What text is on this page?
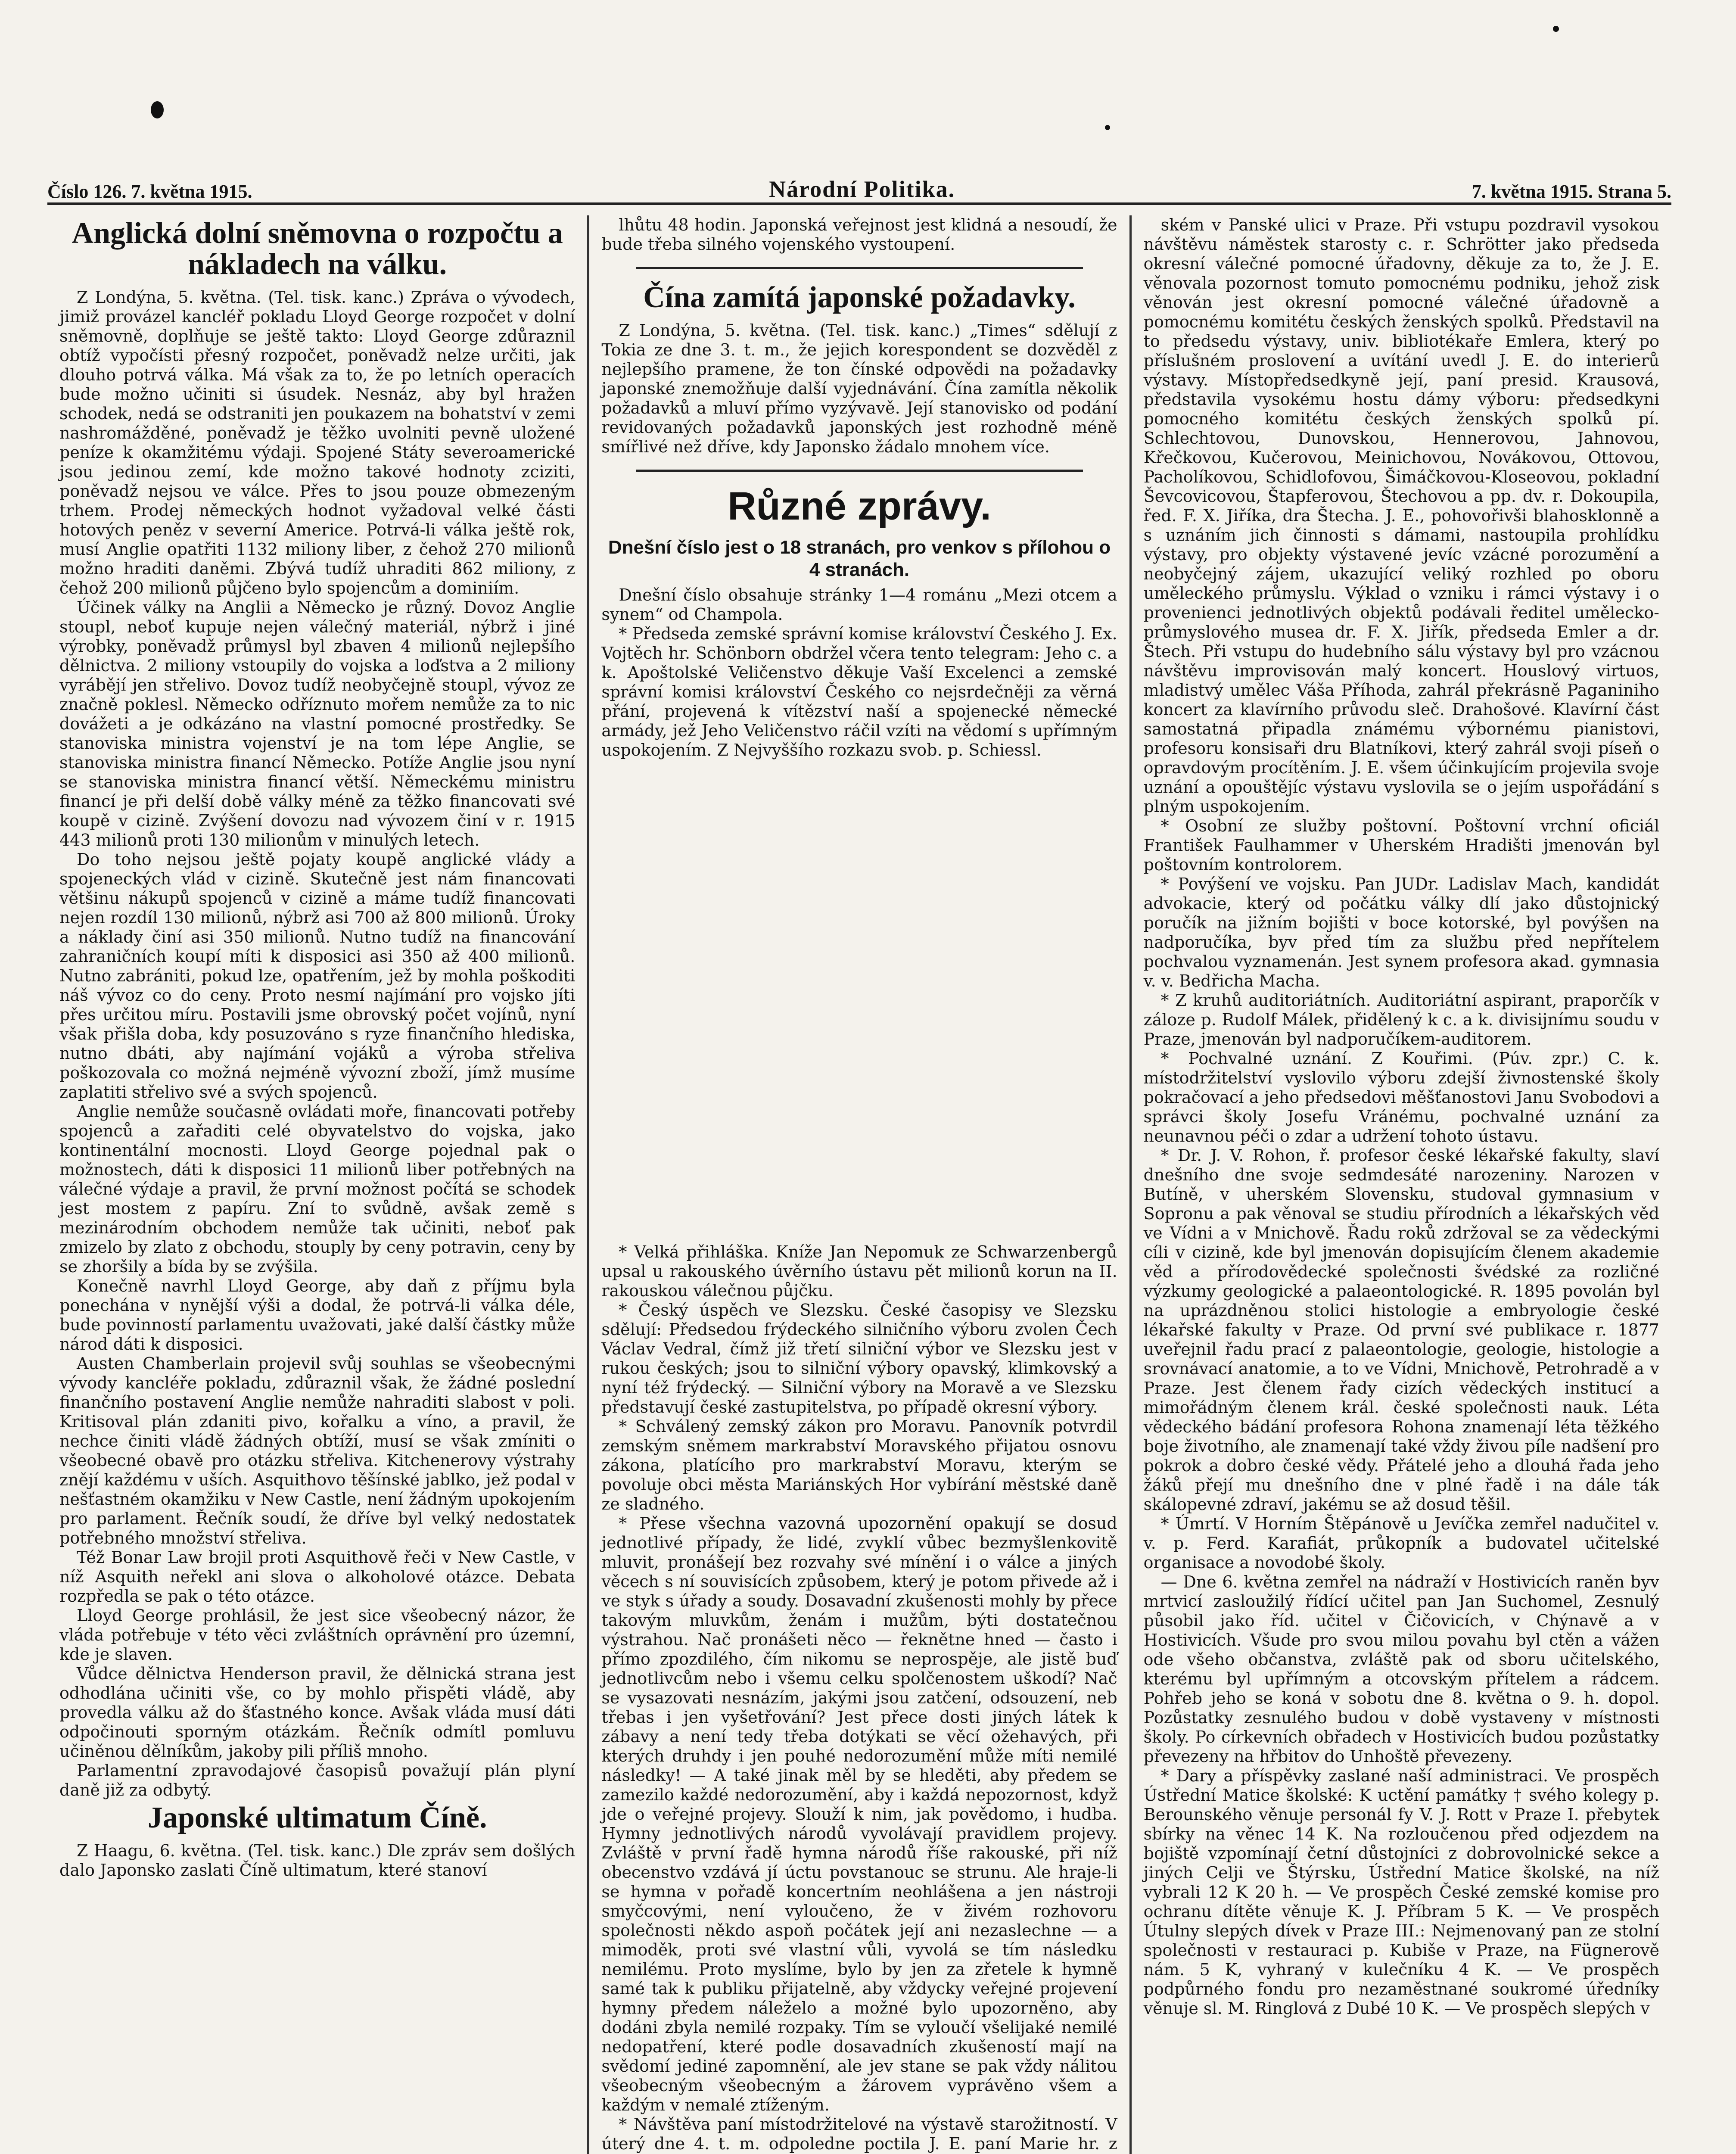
Číslo 126. 7. května 1915.	Národní Politika.	7. května 1915. Strana 5.
Anglická dolní sněmovna o rozpočtu a nákladech na válku.

Z Londýna, 5. května. (Tel. tisk. kanc.) Zpráva o vývodech, jimiž provázel kancléř pokladu Lloyd George rozpočet v dolní sněmovně, doplňuje se ještě takto: Lloyd George zdůraznil obtíž vypočísti přesný rozpočet, poněvadž nelze určiti, jak dlouho potrvá válka. Má však za to, že po letních operacích bude možno učiniti si úsudek. Nesnáz, aby byl hražen schodek, nedá se odstraniti jen poukazem na bohatství v zemi nashromážděné, poněvadž je těžko uvolniti pevně uložené peníze k okamžitému výdaji. Spojené Státy severoamerické jsou jedinou zemí, kde možno takové hodnoty zciziti, poněvadž nejsou ve válce. Přes to jsou pouze obmezeným trhem. Prodej německých hodnot vyžadoval velké části hotových peněz v severní Americe. Potrvá-li válka ještě rok, musí Anglie opatřiti 1132 miliony liber, z čehož 270 milionů možno hraditi daněmi. Zbývá tudíž uhraditi 862 miliony, z čehož 200 milionů půjčeno bylo spojencům a dominiím.

Účinek války na Anglii a Německo je různý. Dovoz Anglie stoupl, neboť kupuje nejen válečný materiál, nýbrž i jiné výrobky, poněvadž průmysl byl zbaven 4 milionů nejlepšího dělnictva. 2 miliony vstoupily do vojska a loďstva a 2 miliony vyrábějí jen střelivo. Dovoz tudíž neobyčejně stoupl, vývoz ze značně poklesl. Německo odříznuto mořem nemůže za to nic dovážeti a je odkázáno na vlastní pomocné prostředky. Se stanoviska ministra vojenství je na tom lépe Anglie, se stanoviska ministra financí Německo. Potíže Anglie jsou nyní se stanoviska ministra financí větší. Německému ministru financí je při delší době války méně za těžko financovati své koupě v cizině. Zvýšení dovozu nad vývozem činí v r. 1915 443 milionů proti 130 milionům v minulých letech.

Do toho nejsou ještě pojaty koupě anglické vlády a spojeneckých vlád v cizině. Skutečně jest nám financovati většinu nákupů spojenců v cizině a máme tudíž financovati nejen rozdíl 130 milionů, nýbrž asi 700 až 800 milionů. Úroky a náklady činí asi 350 milionů. Nutno tudíž na financování zahraničních koupí míti k disposici asi 350 až 400 milionů. Nutno zabrániti, pokud lze, opatřením, jež by mohla poškoditi náš vývoz co do ceny. Proto nesmí najímání pro vojsko jíti přes určitou míru. Postavili jsme obrovský počet vojínů, nyní však přišla doba, kdy posuzováno s ryze finančního hlediska, nutno dbáti, aby najímání vojáků a výroba střeliva poškozovala co možná nejméně vývozní zboží, jímž musíme zaplatiti střelivo své a svých spojenců.

Anglie nemůže současně ovládati moře, financovati potřeby spojenců a zařaditi celé obyvatelstvo do vojska, jako kontinentální mocnosti. Lloyd George pojednal pak o možnostech, dáti k disposici 11 milionů liber potřebných na válečné výdaje a pravil, že první možnost počítá se schodek jest mostem z papíru. Zní to svůdně, avšak země s mezinárodním obchodem nemůže tak učiniti, neboť pak zmizelo by zlato z obchodu, stouply by ceny potravin, ceny by se zhoršily a bída by se zvýšila.

Konečně navrhl Lloyd George, aby daň z příjmu byla ponechána v nynější výši a dodal, že potrvá-li válka déle, bude povinností parlamentu uvažovati, jaké další částky může národ dáti k disposici.

Austen Chamberlain projevil svůj souhlas se všeobecnými vývody kancléře pokladu, zdůraznil však, že žádné poslední finančního postavení Anglie nemůže nahraditi slabost v poli. Kritisoval plán zdaniti pivo, kořalku a víno, a pravil, že nechce činiti vládě žádných obtíží, musí se však zmíniti o všeobecné obavě pro otázku střeliva. Kitchenerovy výstrahy znějí každému v uších. Asquithovo těšínské jablko, jež podal v nešťastném okamžiku v New Castle, není žádným upokojením pro parlament. Řečník soudí, že dříve byl velký nedostatek potřebného množství střeliva.

Též Bonar Law brojil proti Asquithově řeči v New Castle, v níž Asquith neřekl ani slova o alkoholové otázce. Debata rozpředla se pak o této otázce.

Lloyd George prohlásil, že jest sice všeobecný názor, že vláda potřebuje v této věci zvláštních oprávnění pro územní, kde je slaven.

Vůdce dělnictva Henderson pravil, že dělnická strana jest odhodlána učiniti vše, co by mohlo přispěti vládě, aby provedla válku až do šťastného konce. Avšak vláda musí dáti odpočinouti sporným otázkám. Řečník odmítl pomluvu učiněnou dělníkům, jakoby pili příliš mnoho.

Parlamentní zpravodajové časopisů považují plán plyní daně již za odbytý.

Japonské ultimatum Číně.

Z Haagu, 6. května. (Tel. tisk. kanc.) Dle zpráv sem došlých dalo Japonsko zaslati Číně ultimatum, které stanoví

lhůtu 48 hodin. Japonská veřejnost jest klidná a nesoudí, že bude třeba silného vojenského vystoupení.

Čína zamítá japonské požadavky.

Z Londýna, 5. května. (Tel. tisk. kanc.) „Times“ sdělují z Tokia ze dne 3. t. m., že jejich korespondent se dozvěděl z nejlepšího pramene, že ton čínské odpovědi na požadavky japonské znemožňuje další vyjednávání. Čína zamítla několik požadavků a mluví přímo vyzývavě. Její stanovisko od podání revidovaných požadavků japonských jest rozhodně méně smířlivé než dříve, kdy Japonsko žádalo mnohem více.

Různé zprávy.
Dnešní číslo jest o 18 stranách, pro venkov s přílohou o 4 stranách.

Dnešní číslo obsahuje stránky 1—4 románu „Mezi otcem a synem“ od Champola.

* Předseda zemské správní komise království Českého J. Ex. Vojtěch hr. Schönborn obdržel včera tento telegram: Jeho c. a k. Apoštolské Veličenstvo děkuje Vaší Excelenci a zemské správní komisi království Českého co nejsrdečněji za věrná přání, projevená k vítězství naší a spojenecké německé armády, jež Jeho Veličenstvo ráčil vzíti na vědomí s upřímným uspokojením. Z Nejvyššího rozkazu svob. p. Schiessl.

* Velká přihláška. Kníže Jan Nepomuk ze Schwarzenbergů upsal u rakouského úvěrního ústavu pět milionů korun na II. rakouskou válečnou půjčku.

* Český úspěch ve Slezsku. České časopisy ve Slezsku sdělují: Předsedou frýdeckého silničního výboru zvolen Čech Václav Vedral, čímž již třetí silniční výbor ve Slezsku jest v rukou českých; jsou to silniční výbory opavský, klimkovský a nyní též frýdecký. — Silniční výbory na Moravě a ve Slezsku představují české zastupitelstva, po případě okresní výbory.

* Schválený zemský zákon pro Moravu. Panovník potvrdil zemským sněmem markrabství Moravského přijatou osnovu zákona, platícího pro markrabství Moravu, kterým se povoluje obci města Mariánských Hor vybírání městské daně ze sladného.

* Přese všechna vazovná upozornění opakují se dosud jednotlivé případy, že lidé, zvyklí vůbec bezmyšlenkovitě mluvit, pronášejí bez rozvahy své mínění i o válce a jiných věcech s ní souvisících způsobem, který je potom přivede až i ve styk s úřady a soudy. Dosavadní zkušenosti mohly by přece takovým mluvkům, ženám i mužům, býti dostatečnou výstrahou. Nač pronášeti něco — řeknětne hned — často i přímo zpozdilého, čím nikomu se neprospěje, ale jistě buď jednotlivcům nebo i všemu celku spolčenostem uškodí? Nač se vysazovati nesnázím, jakými jsou zatčení, odsouzení, neb třebas i jen vyšetřování? Jest přece dosti jiných látek k zábavy a není tedy třeba dotýkati se věcí ožehavých, při kterých druhdy i jen pouhé nedorozumění může míti nemilé následky! — A také jinak měl by se hleděti, aby předem se zamezilo každé nedorozumění, aby i každá nepozornost, když jde o veřejné projevy. Slouží k nim, jak povědomo, i hudba. Hymny jednotlivých národů vyvolávají pravidlem projevy. Zvláště v první řadě hymna národů říše rakouské, při níž obecenstvo vzdává jí úctu povstanouc se strunu. Ale hraje-li se hymna v pořadě koncertním neohlášena a jen nástroji smyčcovými, není vyloučeno, že v živém rozhovoru společnosti někdo aspoň počátek její ani nezaslechne — a mimoděk, proti své vlastní vůli, vyvolá se tím následku nemilému. Proto myslíme, bylo by jen za zřetele k hymně samé tak k publiku přijatelně, aby vždycky veřejné projevení hymny předem náleželo a možné bylo upozorněno, aby dodáni zbyla nemilé rozpaky. Tím se vyloučí všelijaké nemilé nedopatření, které podle dosavadních zkušeností mají na svědomí jediné zapomnění, ale jev stane se pak vždy nálitou všeobecným všeobecným a žárovem vyprávěno všem a každým v nemalé ztíženým.

* Návštěva paní místodržitelové na výstavě starožitností. V úterý dne 4. t. m. odpoledne poctila J. E. paní Marie hr. z

ském v Panské ulici v Praze. Při vstupu pozdravil vysokou návštěvu náměstek starosty c. r. Schrötter jako předseda okresní válečné pomocné úřadovny, děkuje za to, že J. E. věnovala pozornost tomuto pomocnému podniku, jehož zisk věnován jest okresní pomocné válečné úřadovně a pomocnému komitétu českých ženských spolků. Představil na to předsedu výstavy, univ. bibliotékaře Emlera, který po příslušném proslovení a uvítání uvedl J. E. do interierů výstavy. Místopředsedkyně její, paní presid. Krausová, představila vysokému hostu dámy výboru: předsedkyni pomocného komitétu českých ženských spolků pí. Schlechtovou, Dunovskou, Hennerovou, Jahnovou, Křečkovou, Kučerovou, Meinichovou, Novákovou, Ottovou, Pacholíkovou, Schidlofovou, Šimáčkovou-Kloseovou, pokladní Ševcovicovou, Štapferovou, Štechovou a pp. dv. r. Dokoupila, řed. F. X. Jiříka, dra Štecha. J. E., pohovořivši blahosklonně a s uznáním jich činnosti s dámami, nastoupila prohlídku výstavy, pro objekty výstavené jevíc vzácné porozumění a neobyčejný zájem, ukazující veliký rozhled po oboru uměleckého průmyslu. Výklad o vzniku i rámci výstavy i o provenienci jednotlivých objektů podávali ředitel umělecko-průmyslového musea dr. F. X. Jiřík, předseda Emler a dr. Štech. Při vstupu do hudebního sálu výstavy byl pro vzácnou návštěvu improvisován malý koncert. Houslový virtuos, mladistvý umělec Váša Příhoda, zahrál překrásně Paganiniho koncert za klavírního průvodu sleč. Drahošové. Klavírní část samostatná připadla známému výbornému pianistovi, profesoru konsisaři dru Blatníkovi, který zahrál svoji píseň o opravdovým procítěním. J. E. všem účinkujícím projevila svoje uznání a opouštějíc výstavu vyslovila se o jejím uspořádání s plným uspokojením.

* Osobní ze služby poštovní. Poštovní vrchní oficiál František Faulhammer v Uherském Hradišti jmenován byl poštovním kontrolorem.

* Povýšení ve vojsku. Pan JUDr. Ladislav Mach, kandidát advokacie, který od počátku války dlí jako důstojnický poručík na jižním bojišti v boce kotorské, byl povýšen na nadporučíka, byv před tím za službu před nepřítelem pochvalou vyznamenán. Jest synem profesora akad. gymnasia v. v. Bedřicha Macha.

* Z kruhů auditoriátních. Auditoriátní aspirant, praporčík v záloze p. Rudolf Málek, přidělený k c. a k. divisijnímu soudu v Praze, jmenován byl nadporučíkem-auditorem.

* Pochvalné uznání. Z Kouřimi. (Púv. zpr.) C. k. místodržitelství vyslovilo výboru zdejší živnostenské školy pokračovací a jeho předsedovi měšťanostovi Janu Svobodovi a správci školy Josefu Vránému, pochvalné uznání za neunavnou péči o zdar a udržení tohoto ústavu.

* Dr. J. V. Rohon, ř. profesor české lékařské fakulty, slaví dnešního dne svoje sedmdesáté narozeniny. Narozen v Butíně, v uherském Slovensku, studoval gymnasium v Sopronu a pak věnoval se studiu přírodních a lékařských věd ve Vídni a v Mnichově. Řadu roků zdržoval se za vědeckými cíli v cizině, kde byl jmenován dopisujícím členem akademie věd a přírodovědecké společnosti švédské za rozličné výzkumy geologické a palaeontologické. R. 1895 povolán byl na uprázdněnou stolici histologie a embryologie české lékařské fakulty v Praze. Od první své publikace r. 1877 uveřejnil řadu prací z palaeontologie, geologie, histologie a srovnávací anatomie, a to ve Vídni, Mnichově, Petrohradě a v Praze. Jest členem řady cizích vědeckých institucí a mimořádným členem král. české společnosti nauk. Léta vědeckého bádání profesora Rohona znamenají léta těžkého boje životního, ale znamenají také vždy živou píle nadšení pro pokrok a dobro české vědy. Přátelé jeho a dlouhá řada jeho žáků přejí mu dnešního dne v plné řadě i na dále ták skálopevné zdraví, jakému se až dosud těšil.

* Úmrtí. V Horním Štěpánově u Jevíčka zemřel nadučitel v. v. p. Ferd. Karafiát, průkopník a budovatel učitelské organisace a novodobé školy.

— Dne 6. května zemřel na nádraží v Hostivicích raněn byv mrtvicí zasloužilý řídící učitel pan Jan Suchomel, Zesnulý působil jako říd. učitel v Čičovicích, v Chýnavě a v Hostivicích. Všude pro svou milou povahu byl ctěn a vážen ode všeho občanstva, zvláště pak od sboru učitelského, kterému byl upřímným a otcovským přítelem a rádcem. Pohřeb jeho se koná v sobotu dne 8. května o 9. h. dopol. Pozůstatky zesnulého budou v době vystaveny v místnosti školy. Po církevních obřadech v Hostivicích budou pozůstatky převezeny na hřbitov do Unhoště převezeny.

* Dary a příspěvky zaslané naší administraci. Ve prospěch Ústřední Matice školské: K uctění památky † svého kolegy p. Berounského věnuje personál fy V. J. Rott v Praze I. přebytek sbírky na věnec 14 K. Na rozloučenou před odjezdem na bojiště vzpomínají četní důstojníci z dobrovolnické sekce a jiných Celji ve Štýrsku, Ústřední Matice školské, na níž vybrali 12 K 20 h. — Ve prospěch České zemské komise pro ochranu dítěte věnuje K. J. Příbram 5 K. — Ve prospěch Útulny slepých dívek v Praze III.: Nejmenovaný pan ze stolní společnosti v restauraci p. Kubiše v Praze, na Fügnerově nám. 5 K, vyhraný v kulečníku 4 K. — Ve prospěch podpůrného fondu pro nezaměstnané soukromé úředníky věnuje sl. M. Ringlová z Dubé 10 K. — Ve prospěch slepých v
